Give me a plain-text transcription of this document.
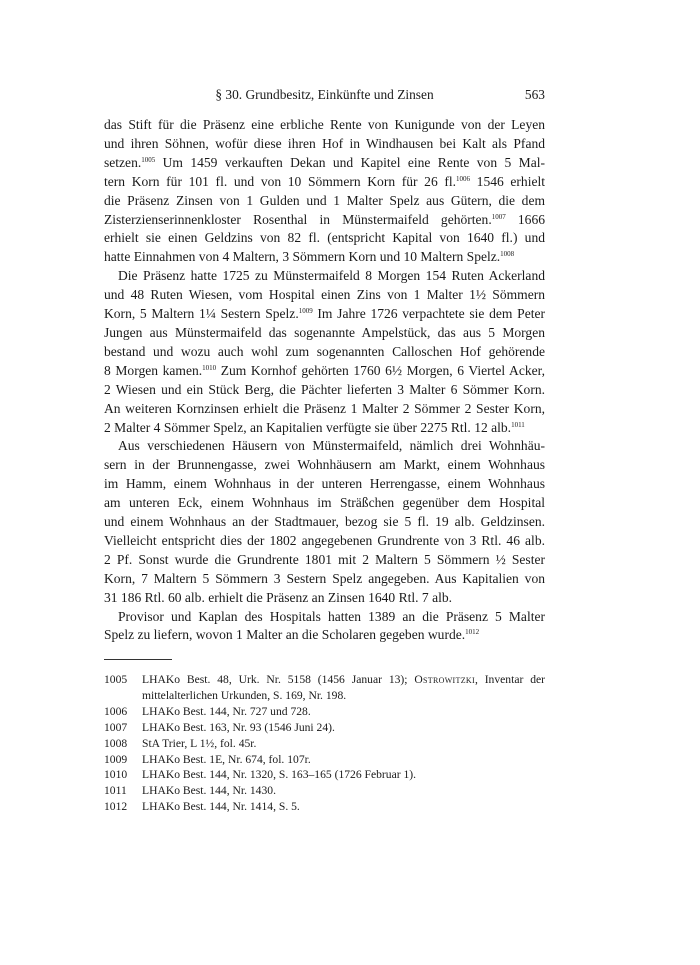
§ 30. Grundbesitz, Einkünfte und Zinsen	563
das Stift für die Präsenz eine erbliche Rente von Kunigunde von der Leyen
und ihren Söhnen, wofür diese ihren Hof in Windhausen bei Kalt als Pfand
setzen.$^{1005}$ Um 1459 verkauften Dekan und Kapitel eine Rente von 5 Mal-
tern Korn für 101 fl. und von 10 Sömmern Korn für 26 fl.$^{1006}$ 1546 erhielt
die Präsenz Zinsen von 1 Gulden und 1 Malter Spelz aus Gütern, die dem
Zisterzienserinnenkloster Rosenthal in Münstermaifeld gehörten.$^{1007}$ 1666
erhielt sie einen Geldzins von 82 fl. (entspricht Kapital von 1640 fl.) und
hatte Einnahmen von 4 Maltern, 3 Sömmern Korn und 10 Maltern Spelz.$^{1008}$
Die Präsenz hatte 1725 zu Münstermaifeld 8 Morgen 154 Ruten Ackerland
und 48 Ruten Wiesen, vom Hospital einen Zins von 1 Malter 1½ Sömmern
Korn, 5 Maltern 1¼ Sestern Spelz.$^{1009}$ Im Jahre 1726 verpachtete sie dem Peter
Jungen aus Münstermaifeld das sogenannte Ampelstück, das aus 5 Morgen
bestand und wozu auch wohl zum sogenannten Calloschen Hof gehörende
8 Morgen kamen.$^{1010}$ Zum Kornhof gehörten 1760 6½ Morgen, 6 Viertel Acker,
2 Wiesen und ein Stück Berg, die Pächter lieferten 3 Malter 6 Sömmer Korn.
An weiteren Kornzinsen erhielt die Präsenz 1 Malter 2 Sömmer 2 Sester Korn,
2 Malter 4 Sömmer Spelz, an Kapitalien verfügte sie über 2275 Rtl. 12 alb.$^{1011}$
Aus verschiedenen Häusern von Münstermaifeld, nämlich drei Wohnhäu-
sern in der Brunnengasse, zwei Wohnhäusern am Markt, einem Wohnhaus
im Hamm, einem Wohnhaus in der unteren Herrengasse, einem Wohnhaus
am unteren Eck, einem Wohnhaus im Sträßchen gegenüber dem Hospital
und einem Wohnhaus an der Stadtmauer, bezog sie 5 fl. 19 alb. Geldzinsen.
Vielleicht entspricht dies der 1802 angegebenen Grundrente von 3 Rtl. 46 alb.
2 Pf. Sonst wurde die Grundrente 1801 mit 2 Maltern 5 Sömmern ½ Sester
Korn, 7 Maltern 5 Sömmern 3 Sestern Spelz angegeben. Aus Kapitalien von
31 186 Rtl. 60 alb. erhielt die Präsenz an Zinsen 1640 Rtl. 7 alb.
Provisor und Kaplan des Hospitals hatten 1389 an die Präsenz 5 Malter
Spelz zu liefern, wovon 1 Malter an die Scholaren gegeben wurde.$^{1012}$
1005	LHAKo Best. 48, Urk. Nr. 5158 (1456 Januar 13); Ostrowitzki, Inventar der
mittelalterlichen Urkunden, S. 169, Nr. 198.
1006	LHAKo Best. 144, Nr. 727 und 728.
1007	LHAKo Best. 163, Nr. 93 (1546 Juni 24).
1008	StA Trier, L 1½, fol. 45r.
1009	LHAKo Best. 1E, Nr. 674, fol. 107r.
1010	LHAKo Best. 144, Nr. 1320, S. 163–165 (1726 Februar 1).
1011	LHAKo Best. 144, Nr. 1430.
1012	LHAKo Best. 144, Nr. 1414, S. 5.
